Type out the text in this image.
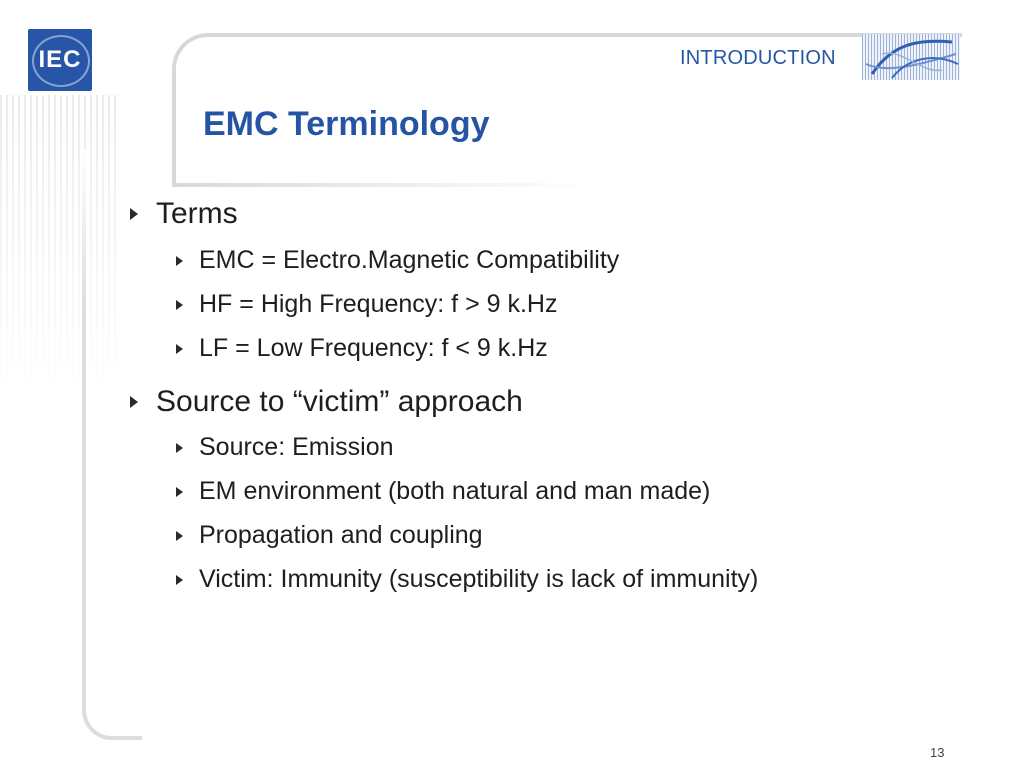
IEC	INTRODUCTION
EMC Terminology
Terms
EMC = Electro.Magnetic Compatibility
HF = High Frequency: f > 9 k.Hz
LF = Low Frequency: f < 9 k.Hz
Source to “victim” approach
Source: Emission
EM environment (both natural and man made)
Propagation and coupling
Victim: Immunity (susceptibility is lack of immunity)
13
